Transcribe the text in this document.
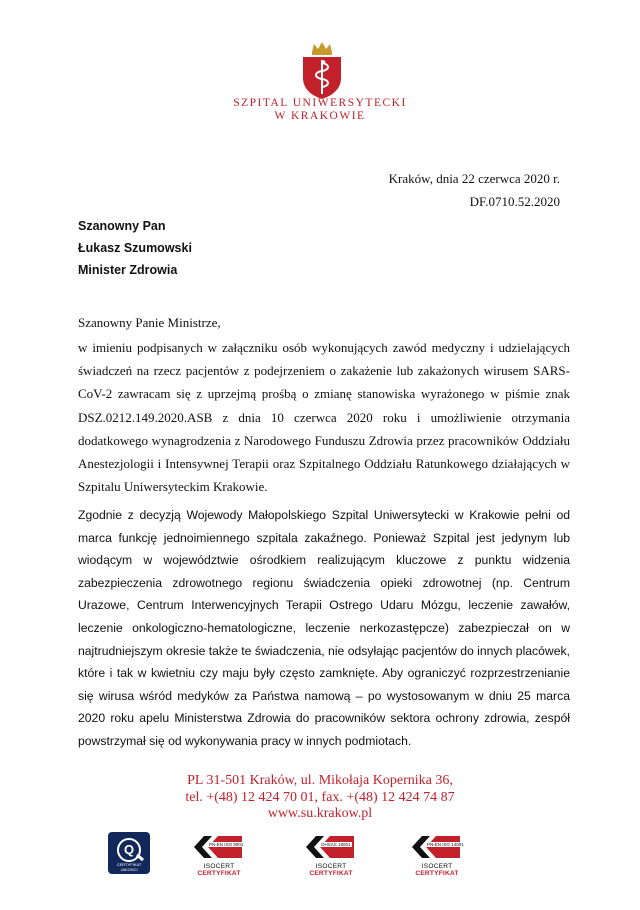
SZPITAL UNIWERSYTECKI
W KRAKOWIE
Kraków, dnia 22 czerwca 2020 r.
DF.0710.52.2020
Szanowny Pan
Łukasz Szumowski
Minister Zdrowia
Szanowny Panie Ministrze,

w imieniu podpisanych w załączniku osób wykonujących zawód medyczny i udzielających świadczeń na rzecz pacjentów z podejrzeniem o zakażenie lub zakażonych wirusem SARS-CoV-2 zawracam się z uprzejmą prośbą o zmianę stanowiska wyrażonego w piśmie znak DSZ.0212.149.2020.ASB z dnia 10 czerwca 2020 roku i umożliwienie otrzymania dodatkowego wynagrodzenia z Narodowego Funduszu Zdrowia przez pracowników Oddziału Anestezjologii i Intensywnej Terapii oraz Szpitalnego Oddziału Ratunkowego działających w Szpitalu Uniwersyteckim Krakowie.

Zgodnie z decyzją Wojewody Małopolskiego Szpital Uniwersytecki w Krakowie pełni od marca funkcję jednoimiennego szpitala zakaźnego. Ponieważ Szpital jest jedynym lub wiodącym w województwie ośrodkiem realizującym kluczowe z punktu widzenia zabezpieczenia zdrowotnego regionu świadczenia opieki zdrowotnej (np. Centrum Urazowe, Centrum Interwencyjnych Terapii Ostrego Udaru Mózgu, leczenie zawałów, leczenie onkologiczno-hematologiczne, leczenie nerkozastępcze) zabezpieczał on w najtrudniejszym okresie także te świadczenia, nie odsyłając pacjentów do innych placówek, które i tak w kwietniu czy maju były często zamknięte. Aby ograniczyć rozprzestrzenianie się wirusa wśród medyków za Państwa namową – po wystosowanym w dniu 25 marca 2020 roku apelu Ministerstwa Zdrowia do pracowników sektora ochrony zdrowia, zespół powstrzymał się od wykonywania pracy w innych podmiotach.

PL 31-501 Kraków, ul. Mikołaja Kopernika 36,
tel. +(48) 12 424 70 01, fax. +(48) 12 424 74 87
www.su.krakow.pl
Q
CERTYFIKAT JAKOSCI
PN-EN ISO 9001
ISOCERT CERTYFIKAT
OHSAS 18001
ISOCERT CERTYFIKAT
PN-EN ISO 14001
ISOCERT CERTYFIKAT
